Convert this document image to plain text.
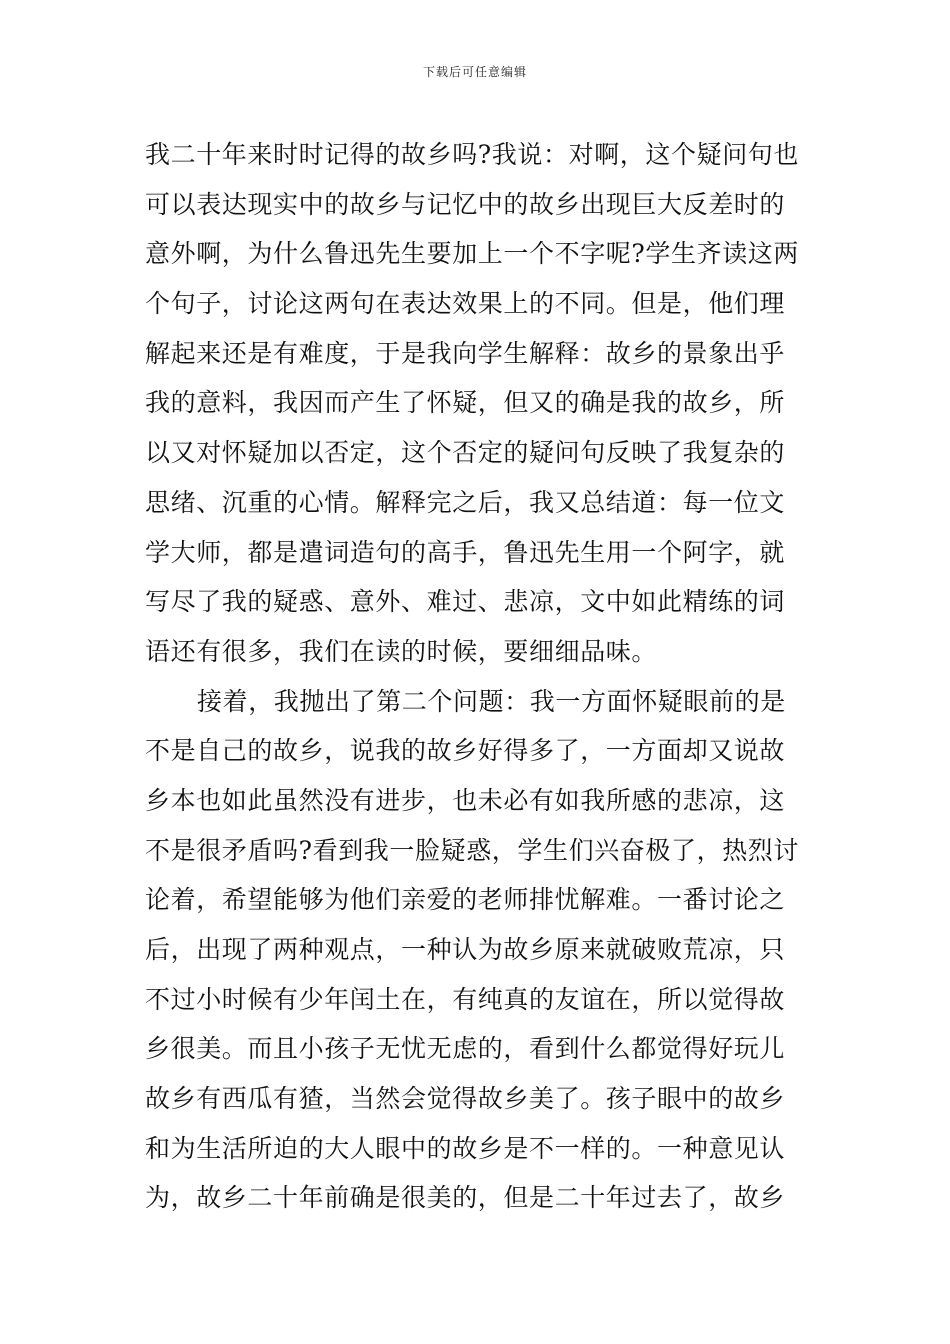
下载后可任意编辑
我二十年来时时记得的故乡吗?我说：对啊，这个疑问句也
可以表达现实中的故乡与记忆中的故乡出现巨大反差时的
意外啊，为什么鲁迅先生要加上一个不字呢?学生齐读这两
个句子，讨论这两句在表达效果上的不同。但是，他们理
解起来还是有难度，于是我向学生解释：故乡的景象出乎
我的意料，我因而产生了怀疑，但又的确是我的故乡，所
以又对怀疑加以否定，这个否定的疑问句反映了我复杂的
思绪、沉重的心情。解释完之后，我又总结道：每一位文
学大师，都是遣词造句的高手，鲁迅先生用一个阿字，就
写尽了我的疑惑、意外、难过、悲凉，文中如此精练的词
语还有很多，我们在读的时候，要细细品味。
接着，我抛出了第二个问题：我一方面怀疑眼前的是
不是自己的故乡，说我的故乡好得多了，一方面却又说故
乡本也如此虽然没有进步，也未必有如我所感的悲凉，这
不是很矛盾吗?看到我一脸疑惑，学生们兴奋极了，热烈讨
论着，希望能够为他们亲爱的老师排忧解难。一番讨论之
后，出现了两种观点，一种认为故乡原来就破败荒凉，只
不过小时候有少年闰土在，有纯真的友谊在，所以觉得故
乡很美。而且小孩子无忧无虑的，看到什么都觉得好玩儿
故乡有西瓜有猹，当然会觉得故乡美了。孩子眼中的故乡
和为生活所迫的大人眼中的故乡是不一样的。一种意见认
为，故乡二十年前确是很美的，但是二十年过去了，故乡
